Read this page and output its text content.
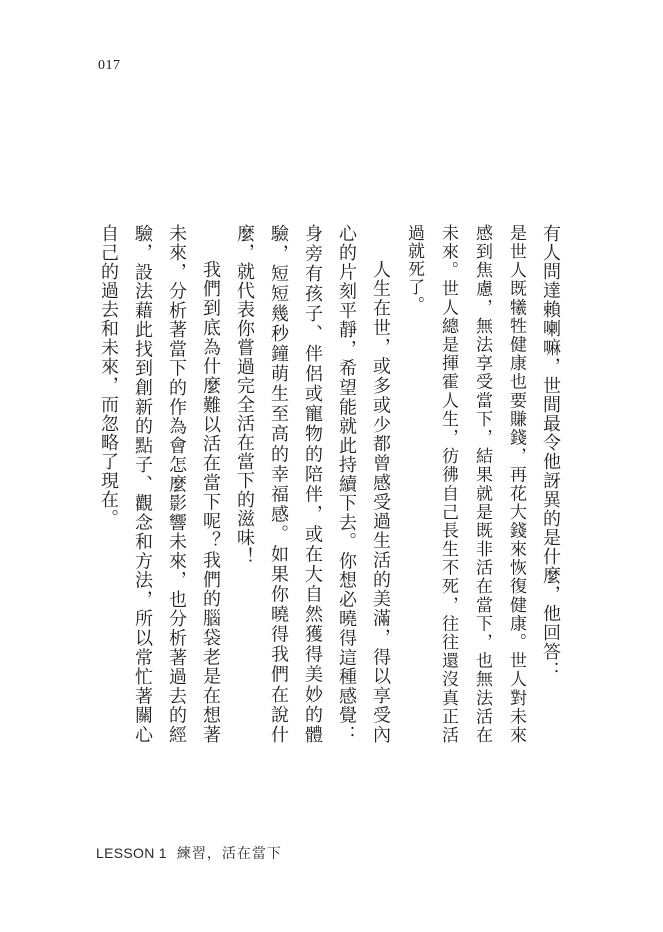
017

有人問達賴喇嘛，世間最令他訝異的是什麼，他回答：

是世人既犧牲健康也要賺錢，再花大錢來恢復健康。世人對未來感到焦慮，無法享受當下，結果就是既非活在當下，也無法活在未來。世人總是揮霍人生，彷彿自己長生不死，往往還沒真正活過就死了。

人生在世，或多或少都曾感受過生活的美滿，得以享受內心的片刻平靜，希望能就此持續下去。你想必曉得這種感覺：身旁有孩子、伴侶或寵物的陪伴，或在大自然獲得美妙的體驗，短短幾秒鐘萌生至高的幸福感。如果你曉得我們在說什麼，就代表你嘗過完全活在當下的滋味！

我們到底為什麼難以活在當下呢？我們的腦袋老是在想著未來，分析著當下的作為會怎麼影響未來，也分析著過去的經驗，設法藉此找到創新的點子、觀念和方法，所以常忙著關心自己的過去和未來，而忽略了現在。

LESSON 1 練習，活在當下
